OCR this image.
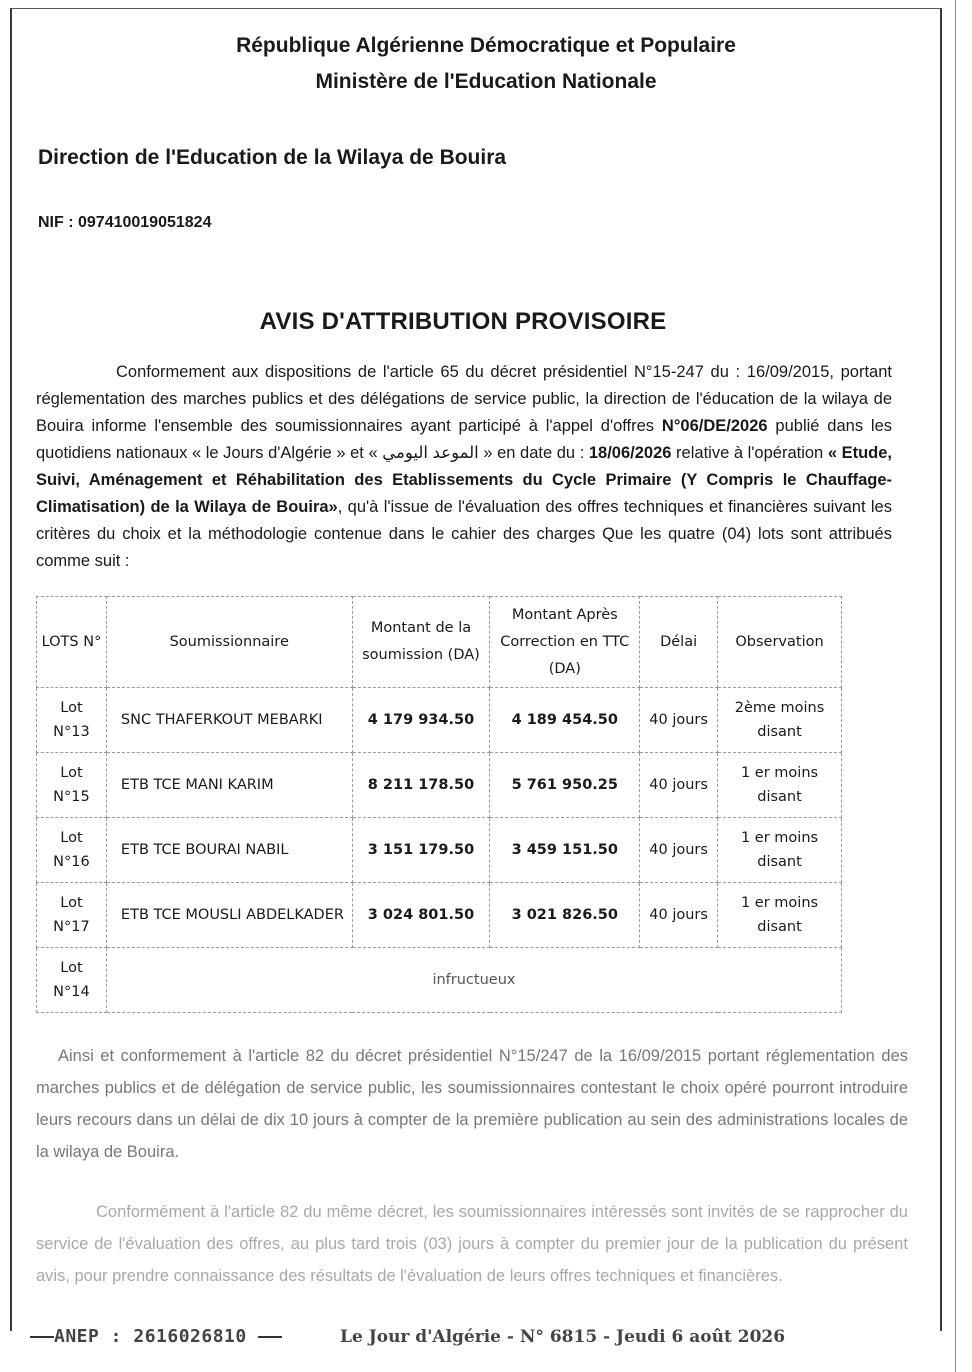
République Algérienne Démocratique et Populaire
Ministère de l'Education Nationale
Direction de l'Education de la Wilaya de Bouira
NIF : 097410019051824
AVIS D'ATTRIBUTION PROVISOIRE
Conformement aux dispositions de l'article 65 du décret présidentiel N°15-247 du : 16/09/2015, portant réglementation des marches publics et des délégations de service public, la direction de l'éducation de la wilaya de Bouira informe l'ensemble des soumissionnaires ayant participé à l'appel d'offres N°06/DE/2026 publié dans les quotidiens nationaux « le Jours d'Algérie » et « الموعد اليومي » en date du : 18/06/2026 relative à l'opération « Etude, Suivi, Aménagement et Réhabilitation des Etablissements du Cycle Primaire (Y Compris le Chauffage- Climatisation) de la Wilaya de Bouira», qu'à l'issue de l'évaluation des offres techniques et financières suivant les critères du choix et la méthodologie contenue dans le cahier des charges Que les quatre (04) lots sont attribués comme suit :
LOTS N°	Soumissionnaire	Montant de la soumission (DA)	Montant Après Correction en TTC (DA)	Délai	Observation
Lot N°13	SNC THAFERKOUT MEBARKI	4 179 934.50	4 189 454.50	40 jours	2ème moins disant
Lot N°15	ETB TCE MANI KARIM	8 211 178.50	5 761 950.25	40 jours	1 er moins disant
Lot N°16	ETB TCE BOURAI NABIL	3 151 179.50	3 459 151.50	40 jours	1 er moins disant
Lot N°17	ETB TCE MOUSLI ABDELKADER	3 024 801.50	3 021 826.50	40 jours	1 er moins disant
Lot N°14	infructueux				
Ainsi et conformement à l'article 82 du décret présidentiel N°15/247 de la 16/09/2015 portant réglementation des marches publics et de délégation de service public, les soumissionnaires contestant le choix opéré pourront introduire leurs recours dans un délai de dix 10 jours à compter de la première publication au sein des administrations locales de la wilaya de Bouira.
Conformément à l'article 82 du même décret, les soumissionnaires intéressés sont invités de se rapprocher du service de l'évaluation des offres, au plus tard trois (03) jours à compter du premier jour de la publication du présent avis, pour prendre connaissance des résultats de l'évaluation de leurs offres techniques et financières.
ANEP : 2616026810	Le Jour d'Algérie - N° 6815 - Jeudi 6 août 2026
